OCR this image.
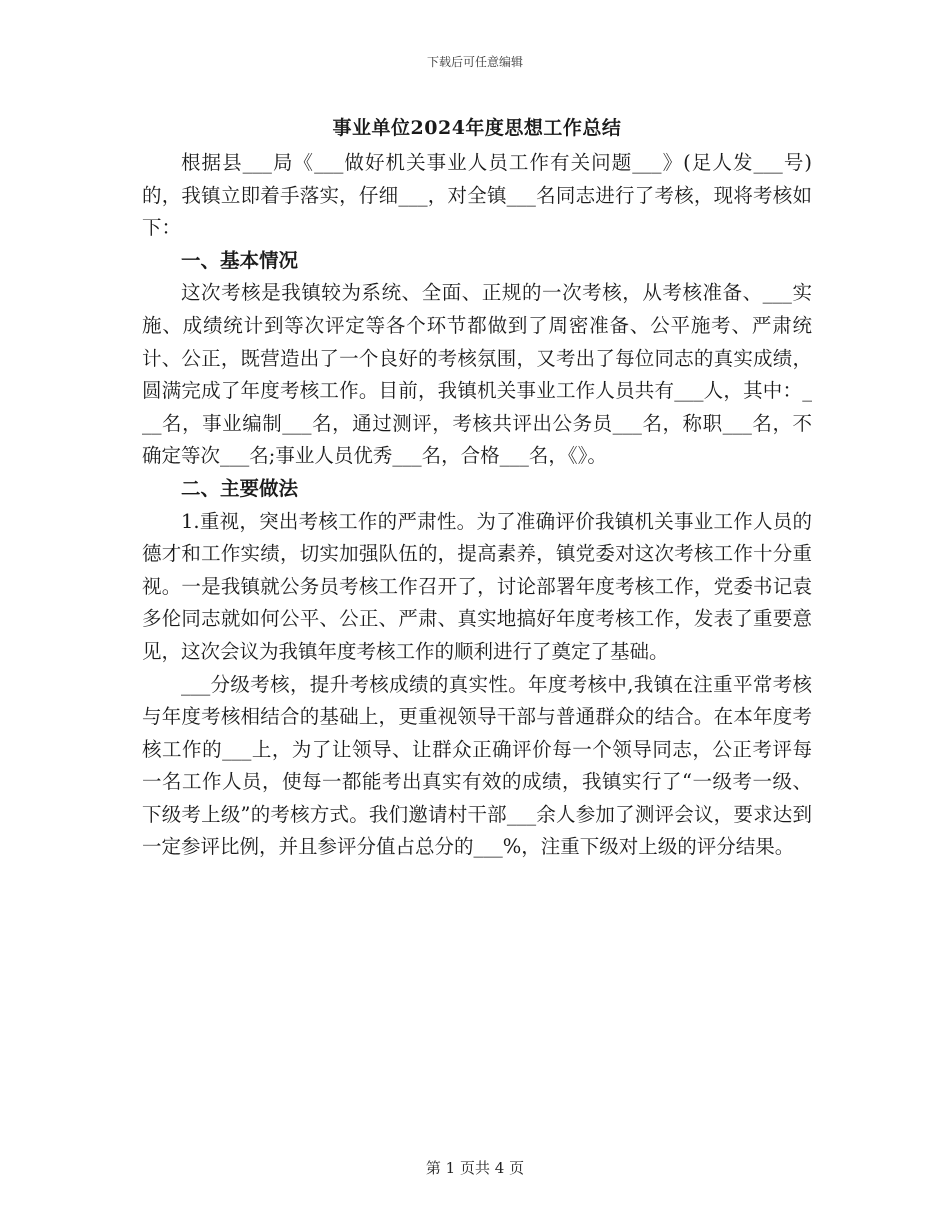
下载后可任意编辑
事业单位2024年度思想工作总结

根据县___局《___做好机关事业人员工作有关问题___》(足人发___号)的，我镇立即着手落实，仔细___，对全镇___名同志进行了考核，现将考核如下：

一、基本情况

这次考核是我镇较为系统、全面、正规的一次考核，从考核准备、___实施、成绩统计到等次评定等各个环节都做到了周密准备、公平施考、严肃统计、公正，既营造出了一个良好的考核氛围，又考出了每位同志的真实成绩，圆满完成了年度考核工作。目前，我镇机关事业工作人员共有___人，其中：___名，事业编制___名，通过测评，考核共评出公务员___名，称职___名，不确定等次___名;事业人员优秀___名，合格___名，《》。

二、主要做法

1.重视，突出考核工作的严肃性。为了准确评价我镇机关事业工作人员的德才和工作实绩，切实加强队伍的，提高素养，镇党委对这次考核工作十分重视。一是我镇就公务员考核工作召开了，讨论部署年度考核工作，党委书记袁多伦同志就如何公平、公正、严肃、真实地搞好年度考核工作，发表了重要意见，这次会议为我镇年度考核工作的顺利进行了奠定了基础。

___分级考核，提升考核成绩的真实性。年度考核中,我镇在注重平常考核与年度考核相结合的基础上，更重视领导干部与普通群众的结合。在本年度考核工作的___上，为了让领导、让群众正确评价每一个领导同志，公正考评每一名工作人员，使每一都能考出真实有效的成绩，我镇实行了“一级考一级、下级考上级”的考核方式。我们邀请村干部___余人参加了测评会议，要求达到一定参评比例，并且参评分值占总分的___%，注重下级对上级的评分结果。

第 1 页共 4 页
